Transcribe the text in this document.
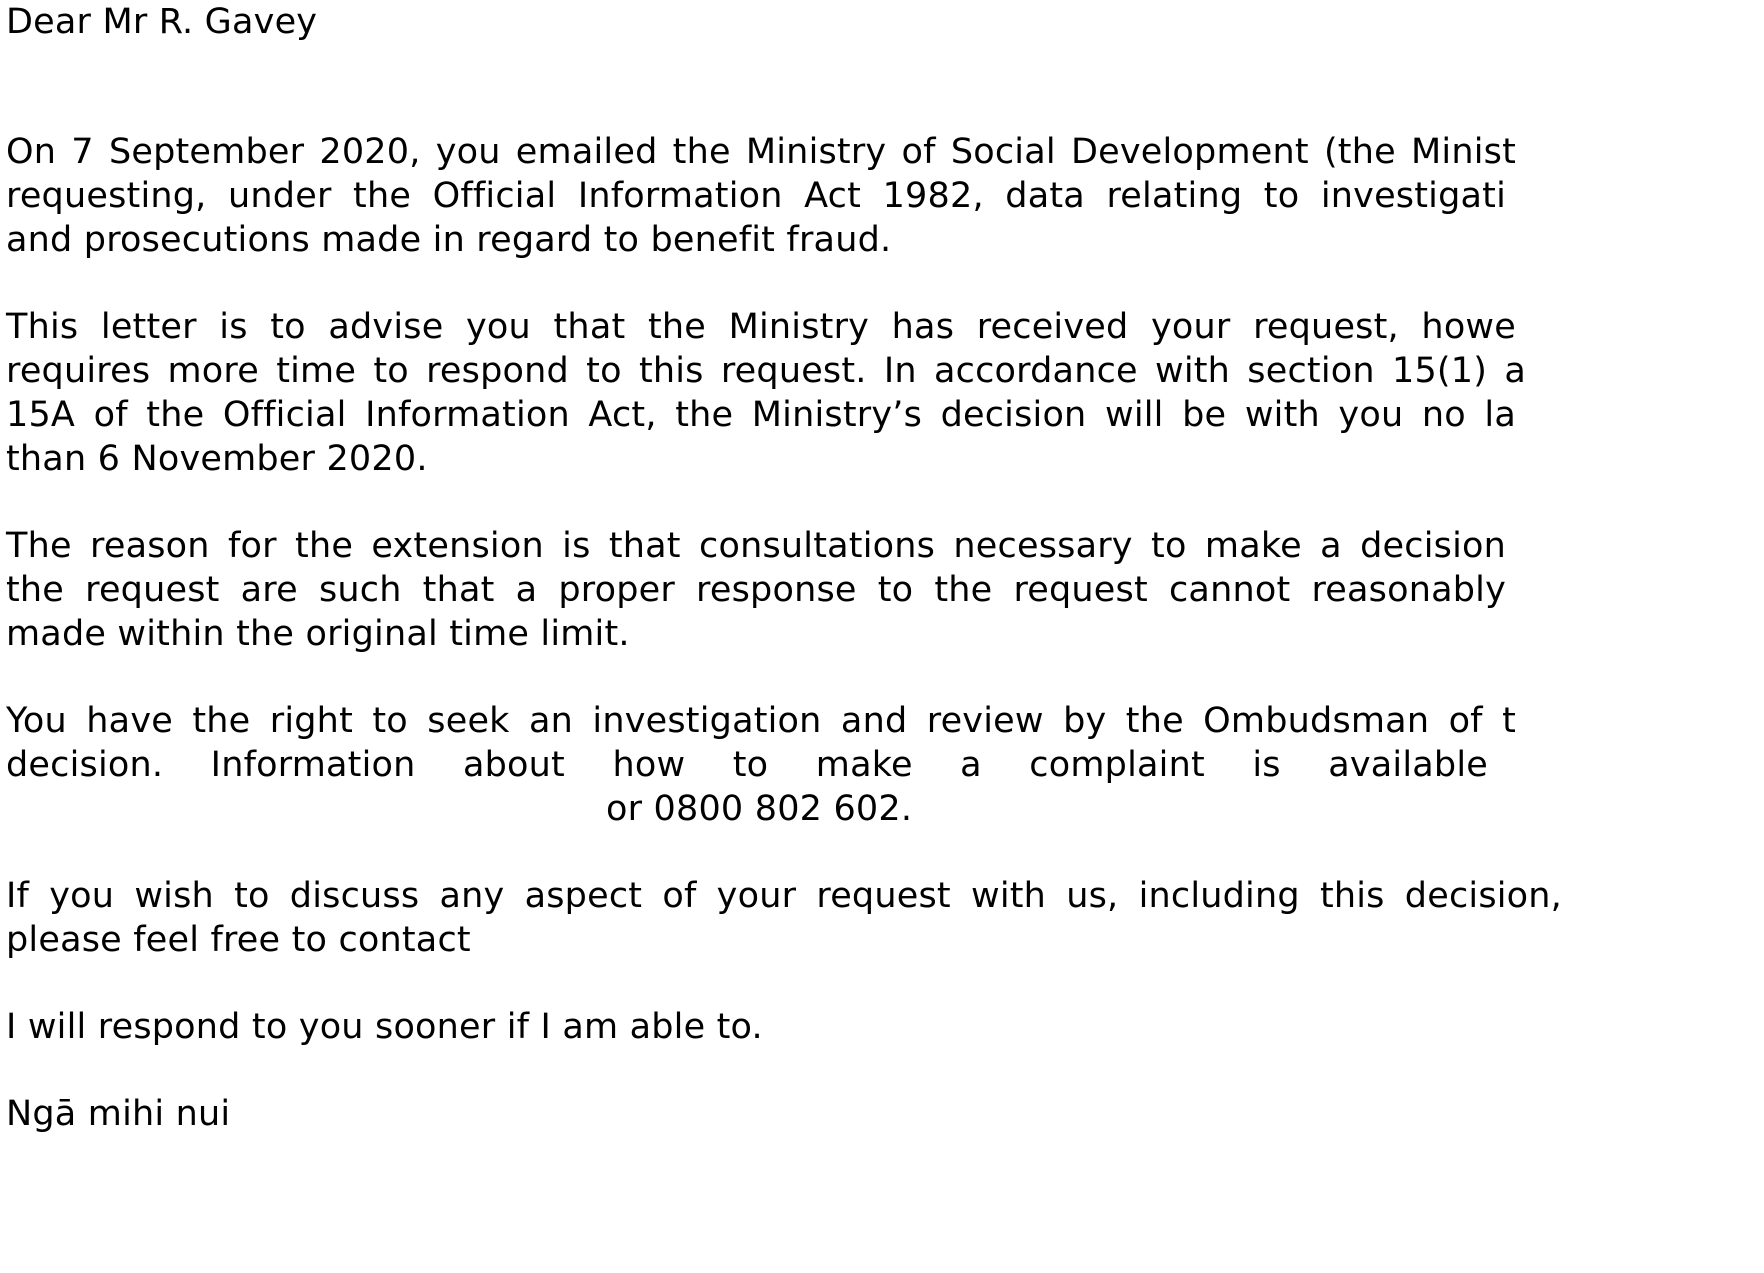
Dear Mr R. Gavey
On 7 September 2020, you emailed the Ministry of Social Development (the Minist
requesting, under the Official Information Act 1982, data relating to investigati
and prosecutions made in regard to benefit fraud.
This letter is to advise you that the Ministry has received your request, howe
requires more time to respond to this request. In accordance with section 15(1) a
15A of the Official Information Act, the Ministry’s decision will be with you no la
than 6 November 2020.
The reason for the extension is that consultations necessary to make a decision
the request are such that a proper response to the request cannot reasonably
made within the original time limit.
You have the right to seek an investigation and review by the Ombudsman of t
decision. Information about how to make a complaint is available
or 0800 802 602.
If you wish to discuss any aspect of your request with us, including this decision,
please feel free to contact
I will respond to you sooner if I am able to.
Ngā mihi nui
